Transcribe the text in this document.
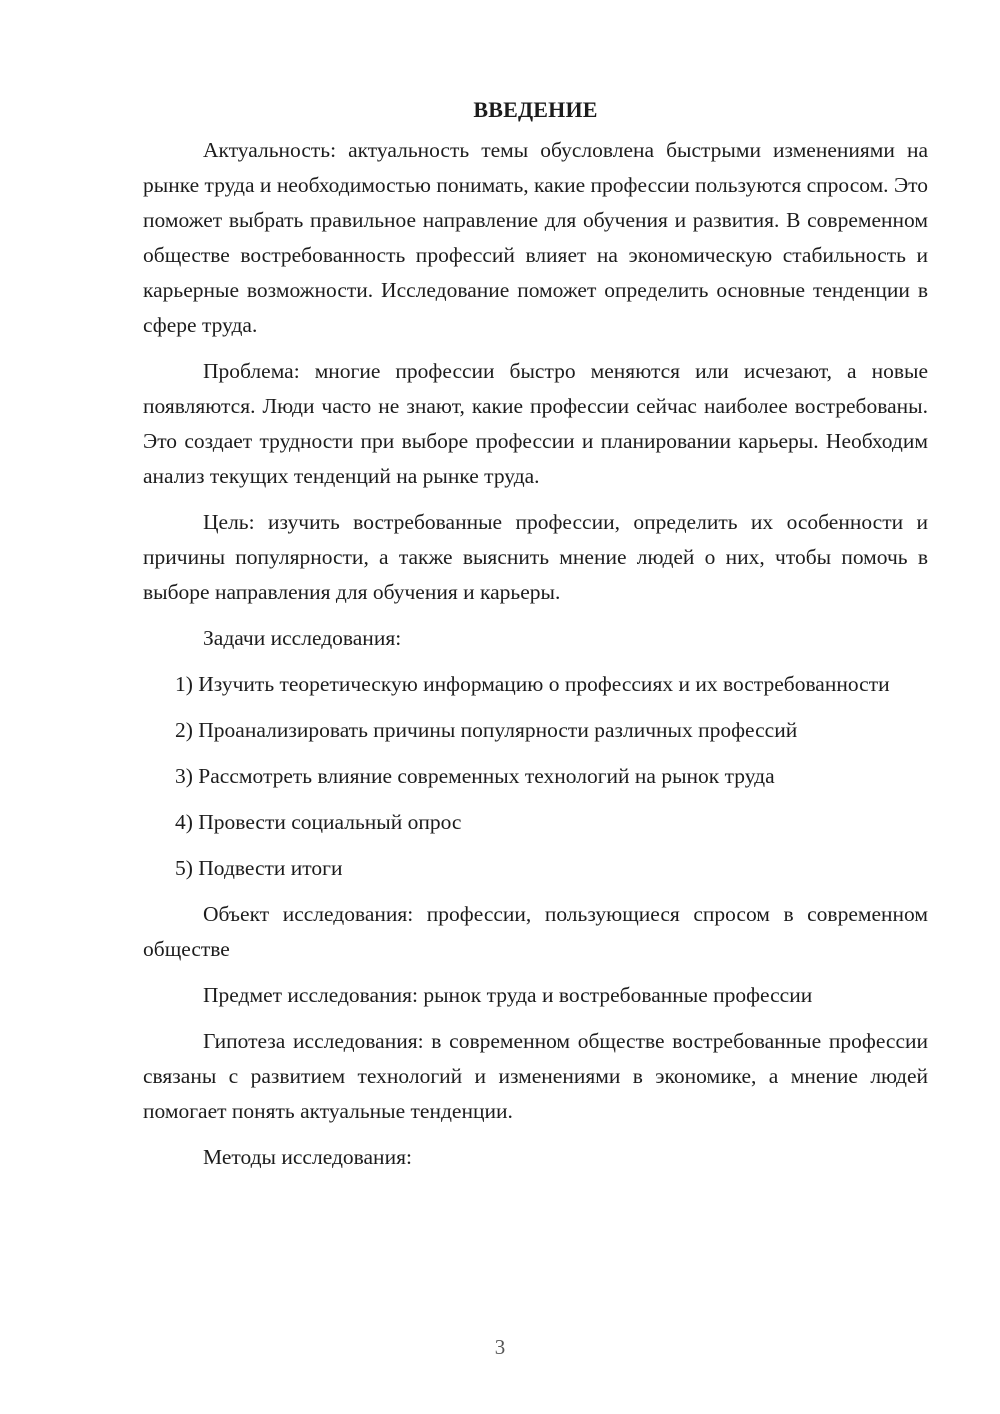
ВВЕДЕНИЕ

Актуальность: актуальность темы обусловлена быстрыми изменениями на рынке труда и необходимостью понимать, какие профессии пользуются спросом. Это поможет выбрать правильное направление для обучения и развития. В современном обществе востребованность профессий влияет на экономическую стабильность и карьерные возможности. Исследование поможет определить основные тенденции в сфере труда.

Проблема: многие профессии быстро меняются или исчезают, а новые появляются. Люди часто не знают, какие профессии сейчас наиболее востребованы. Это создает трудности при выборе профессии и планировании карьеры. Необходим анализ текущих тенденций на рынке труда.

Цель: изучить востребованные профессии, определить их особенности и причины популярности, а также выяснить мнение людей о них, чтобы помочь в выборе направления для обучения и карьеры.

Задачи исследования:

1) Изучить теоретическую информацию о профессиях и их востребованности

2) Проанализировать причины популярности различных профессий

3) Рассмотреть влияние современных технологий на рынок труда

4) Провести социальный опрос

5) Подвести итоги

Объект исследования: профессии, пользующиеся спросом в современном обществе

Предмет исследования: рынок труда и востребованные профессии

Гипотеза исследования: в современном обществе востребованные профессии связаны с развитием технологий и изменениями в экономике, а мнение людей помогает понять актуальные тенденции.

Методы исследования:

3
